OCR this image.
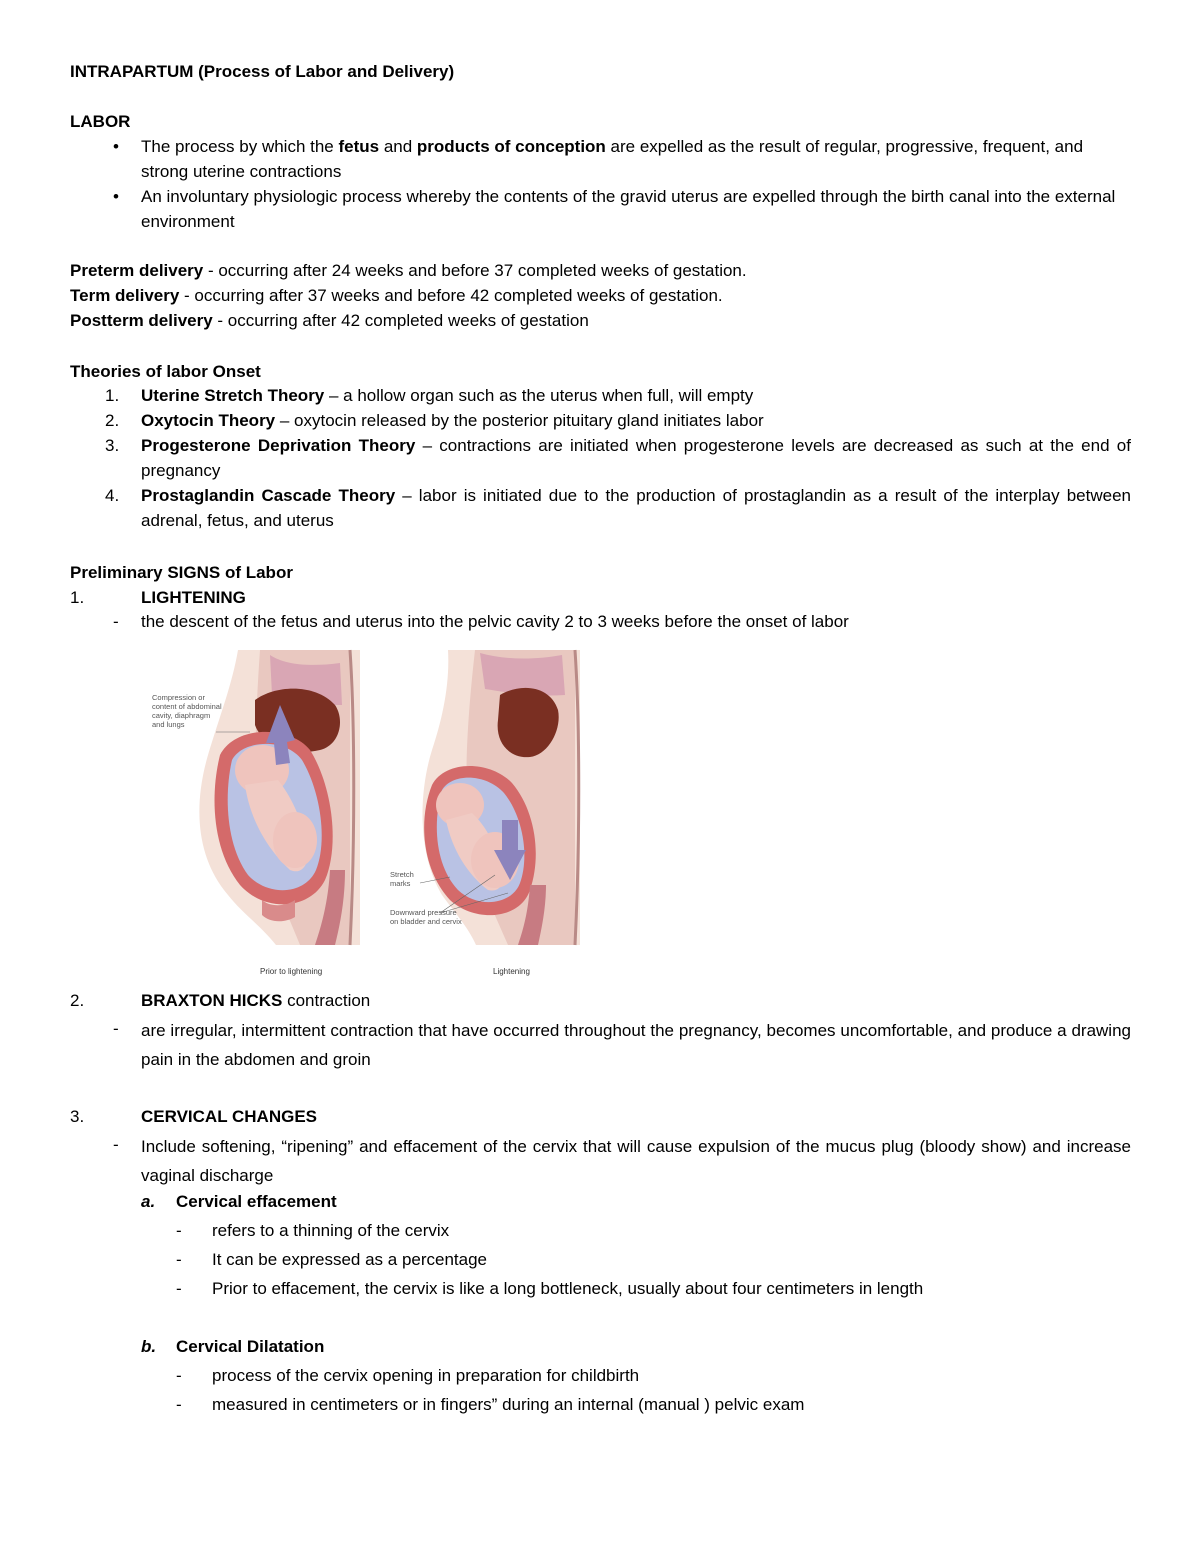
INTRAPARTUM (Process of Labor and Delivery)
LABOR
• The process by which the fetus and products of conception are expelled as the result of regular, progressive, frequent, and strong uterine contractions
• An involuntary physiologic process whereby the contents of the gravid uterus are expelled through the birth canal into the external environment
Preterm delivery - occurring after 24 weeks and before 37 completed weeks of gestation.
Term delivery - occurring after 37 weeks and before 42 completed weeks of gestation.
Postterm delivery - occurring after 42 completed weeks of gestation
Theories of labor Onset
1. Uterine Stretch Theory – a hollow organ such as the uterus when full, will empty
2. Oxytocin Theory – oxytocin released by the posterior pituitary gland initiates labor
3. Progesterone Deprivation Theory – contractions are initiated when progesterone levels are decreased as such at the end of pregnancy
4. Prostaglandin Cascade Theory – labor is initiated due to the production of prostaglandin as a result of the interplay between adrenal, fetus, and uterus
Preliminary SIGNS of Labor
1.	LIGHTENING
- the descent of the fetus and uterus into the pelvic cavity 2 to 3 weeks before the onset of labor
Compression or
content of abdominal
cavity, diaphragm
and lungs
Stretch
marks
Downward pressure
on bladder and cervix
Prior to lightening	Lightening
2.	BRAXTON HICKS contraction
- are irregular, intermittent contraction that have occurred throughout the pregnancy, becomes uncomfortable, and produce a drawing pain in the abdomen and groin
3.	CERVICAL CHANGES
- Include softening, “ripening” and effacement of the cervix that will cause expulsion of the mucus plug (bloody show) and increase vaginal discharge
a. Cervical effacement
- refers to a thinning of the cervix
- It can be expressed as a percentage
- Prior to effacement, the cervix is like a long bottleneck, usually about four centimeters in length
b. Cervical Dilatation
- process of the cervix opening in preparation for childbirth
- measured in centimeters or in fingers” during an internal (manual ) pelvic exam
